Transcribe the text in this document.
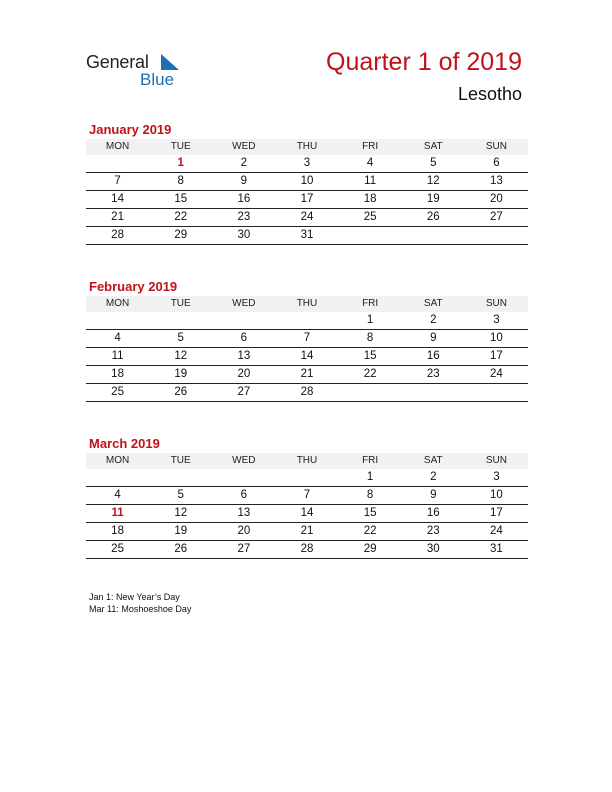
General
Blue
Quarter 1 of 2019
Lesotho
January 2019
MON	TUE	WED	THU	FRI	SAT	SUN
	1	2	3	4	5	6
7	8	9	10	11	12	13
14	15	16	17	18	19	20
21	22	23	24	25	26	27
28	29	30	31			
February 2019
MON	TUE	WED	THU	FRI	SAT	SUN
				1	2	3
4	5	6	7	8	9	10
11	12	13	14	15	16	17
18	19	20	21	22	23	24
25	26	27	28			
March 2019
MON	TUE	WED	THU	FRI	SAT	SUN
				1	2	3
4	5	6	7	8	9	10
11	12	13	14	15	16	17
18	19	20	21	22	23	24
25	26	27	28	29	30	31
Jan 1: New Year’s Day
Mar 11: Moshoeshoe Day
